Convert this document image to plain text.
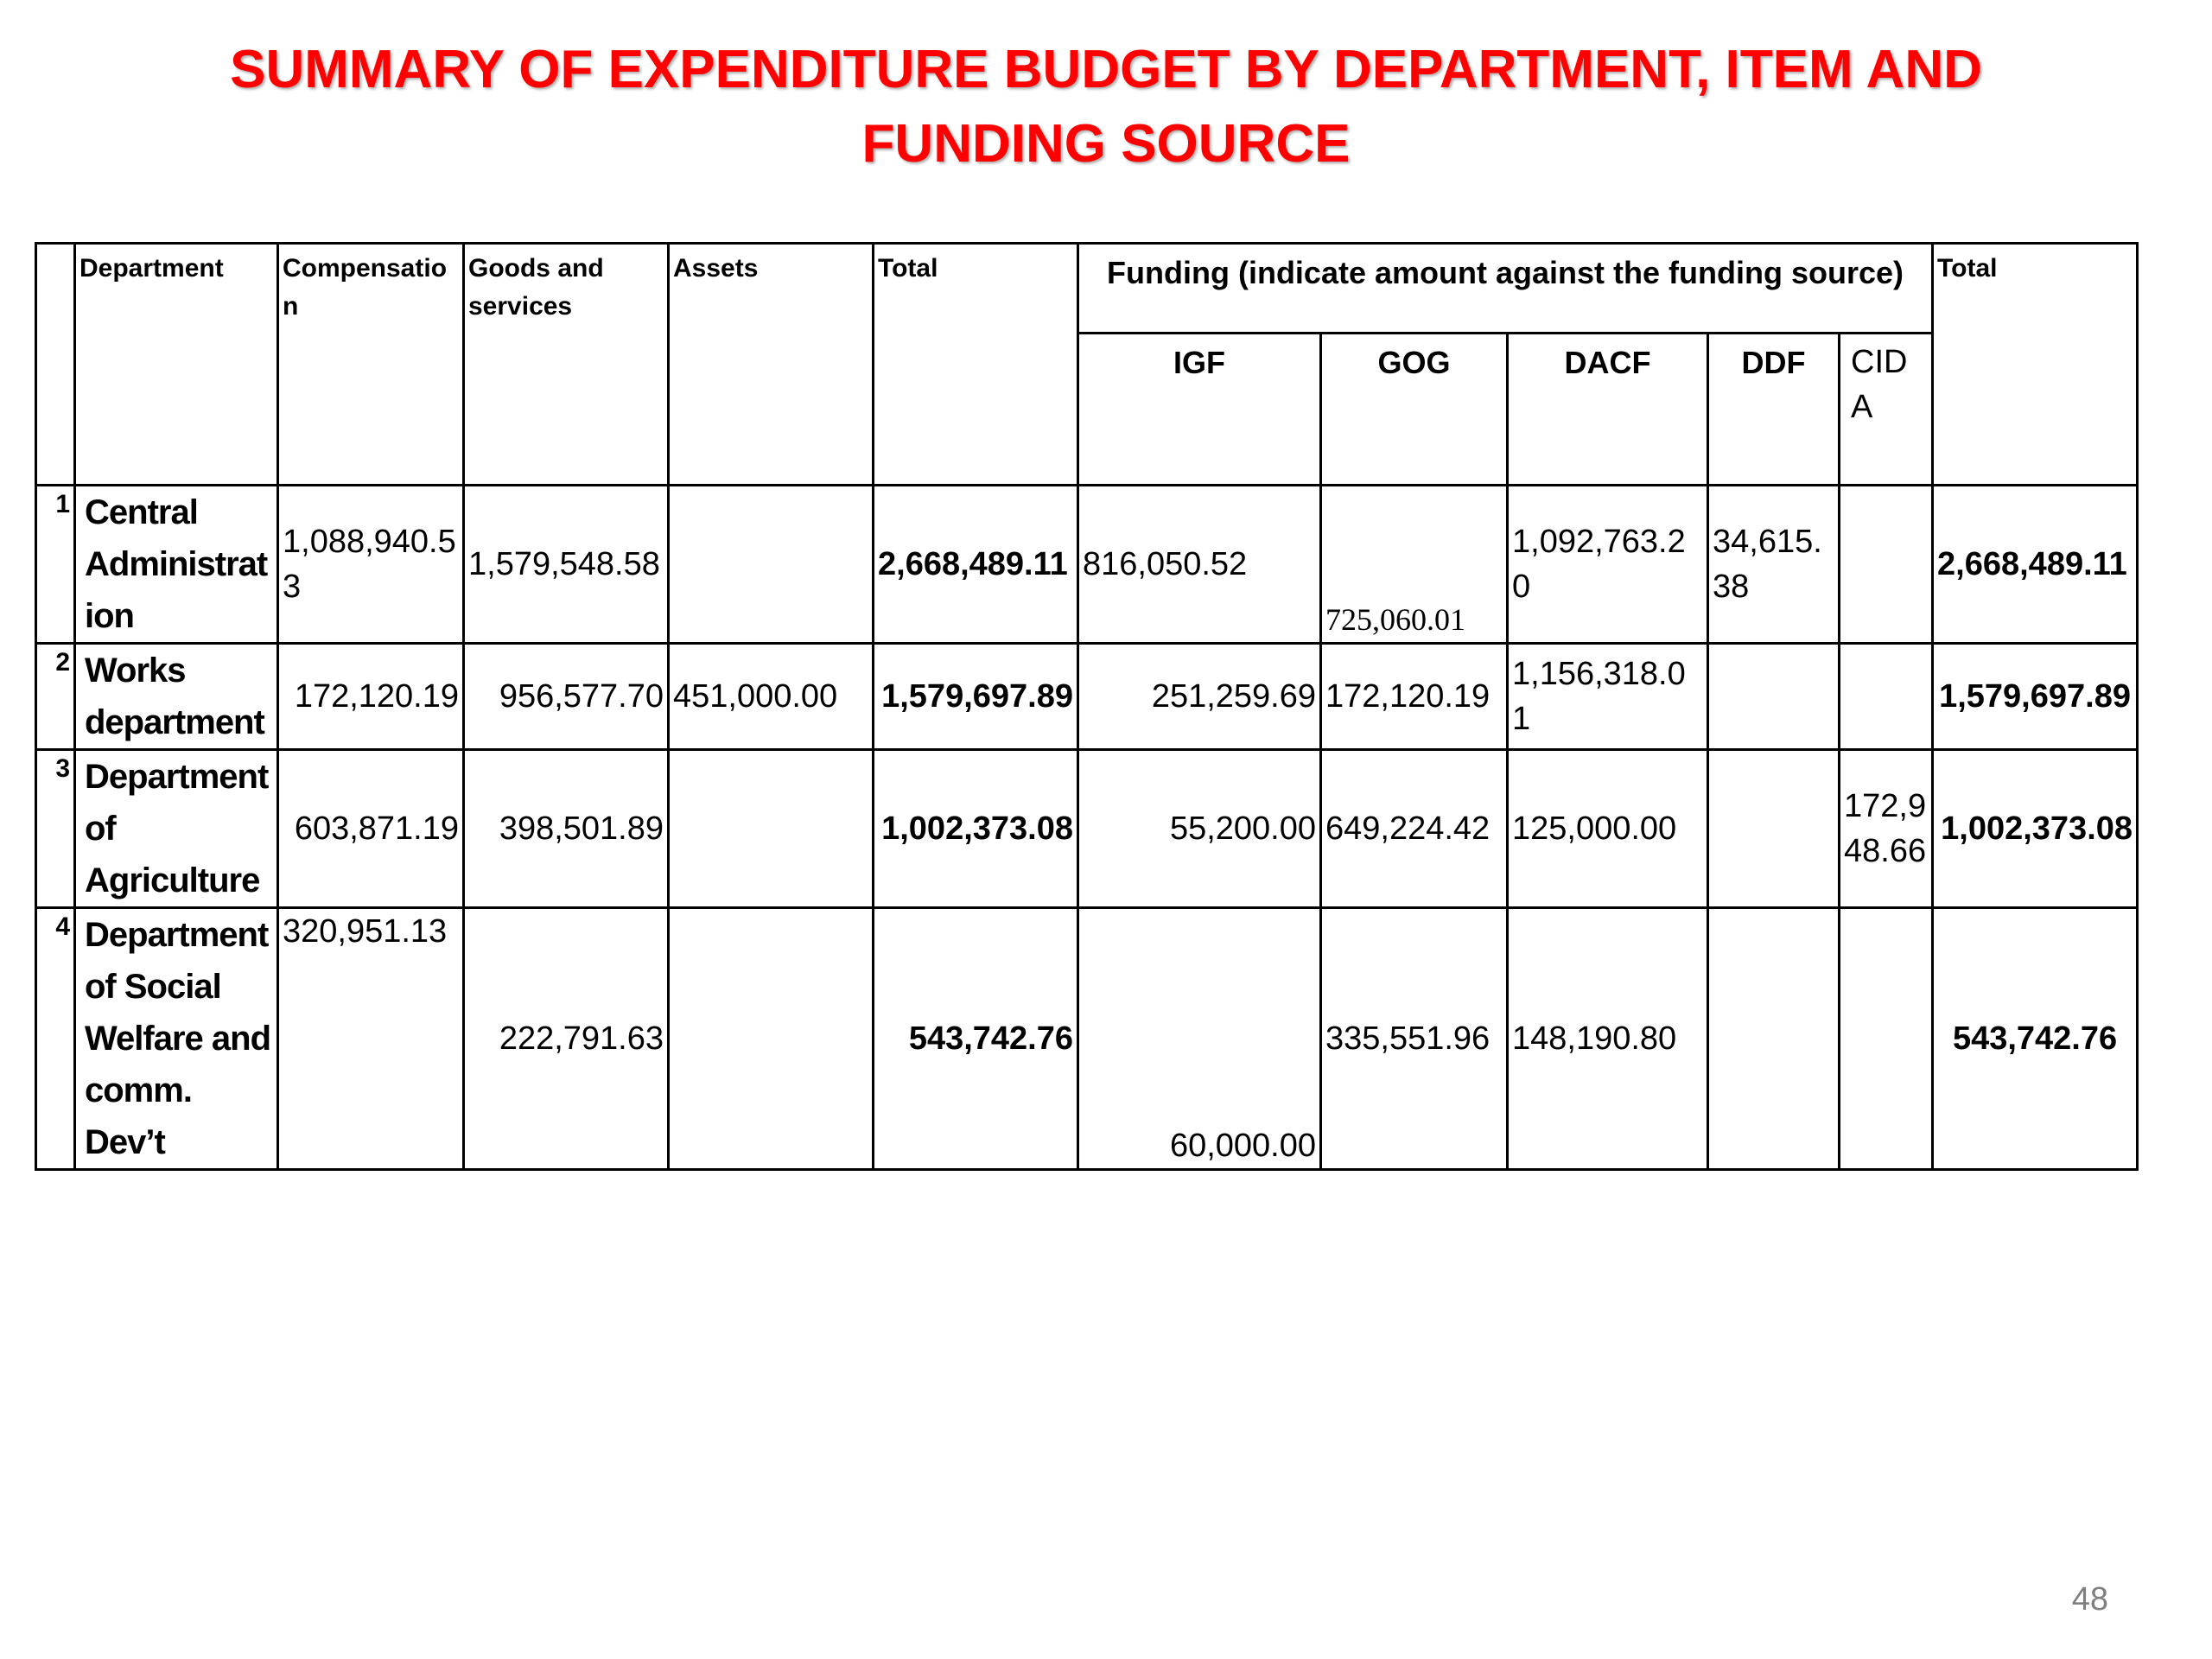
SUMMARY OF EXPENDITURE BUDGET BY DEPARTMENT, ITEM AND FUNDING SOURCE
	Department	Compensation	Goods and services	Assets	Total	Funding (indicate amount against the funding source)					Total
						IGF	GOG	DACF	DDF	CIDA	
1	Central Administration	1,088,940.53	1,579,548.58		2,668,489.11	816,050.52	725,060.01	1,092,763.20	34,615.38		2,668,489.11
2	Works department	172,120.19	956,577.70	451,000.00	1,579,697.89	251,259.69	172,120.19	1,156,318.01			1,579,697.89
3	Department of Agriculture	603,871.19	398,501.89		1,002,373.08	55,200.00	649,224.42	125,000.00		172,948.66	1,002,373.08
4	Department of Social Welfare and comm. Dev’t	320,951.13	222,791.63		543,742.76	60,000.00	335,551.96	148,190.80			543,742.76
48
